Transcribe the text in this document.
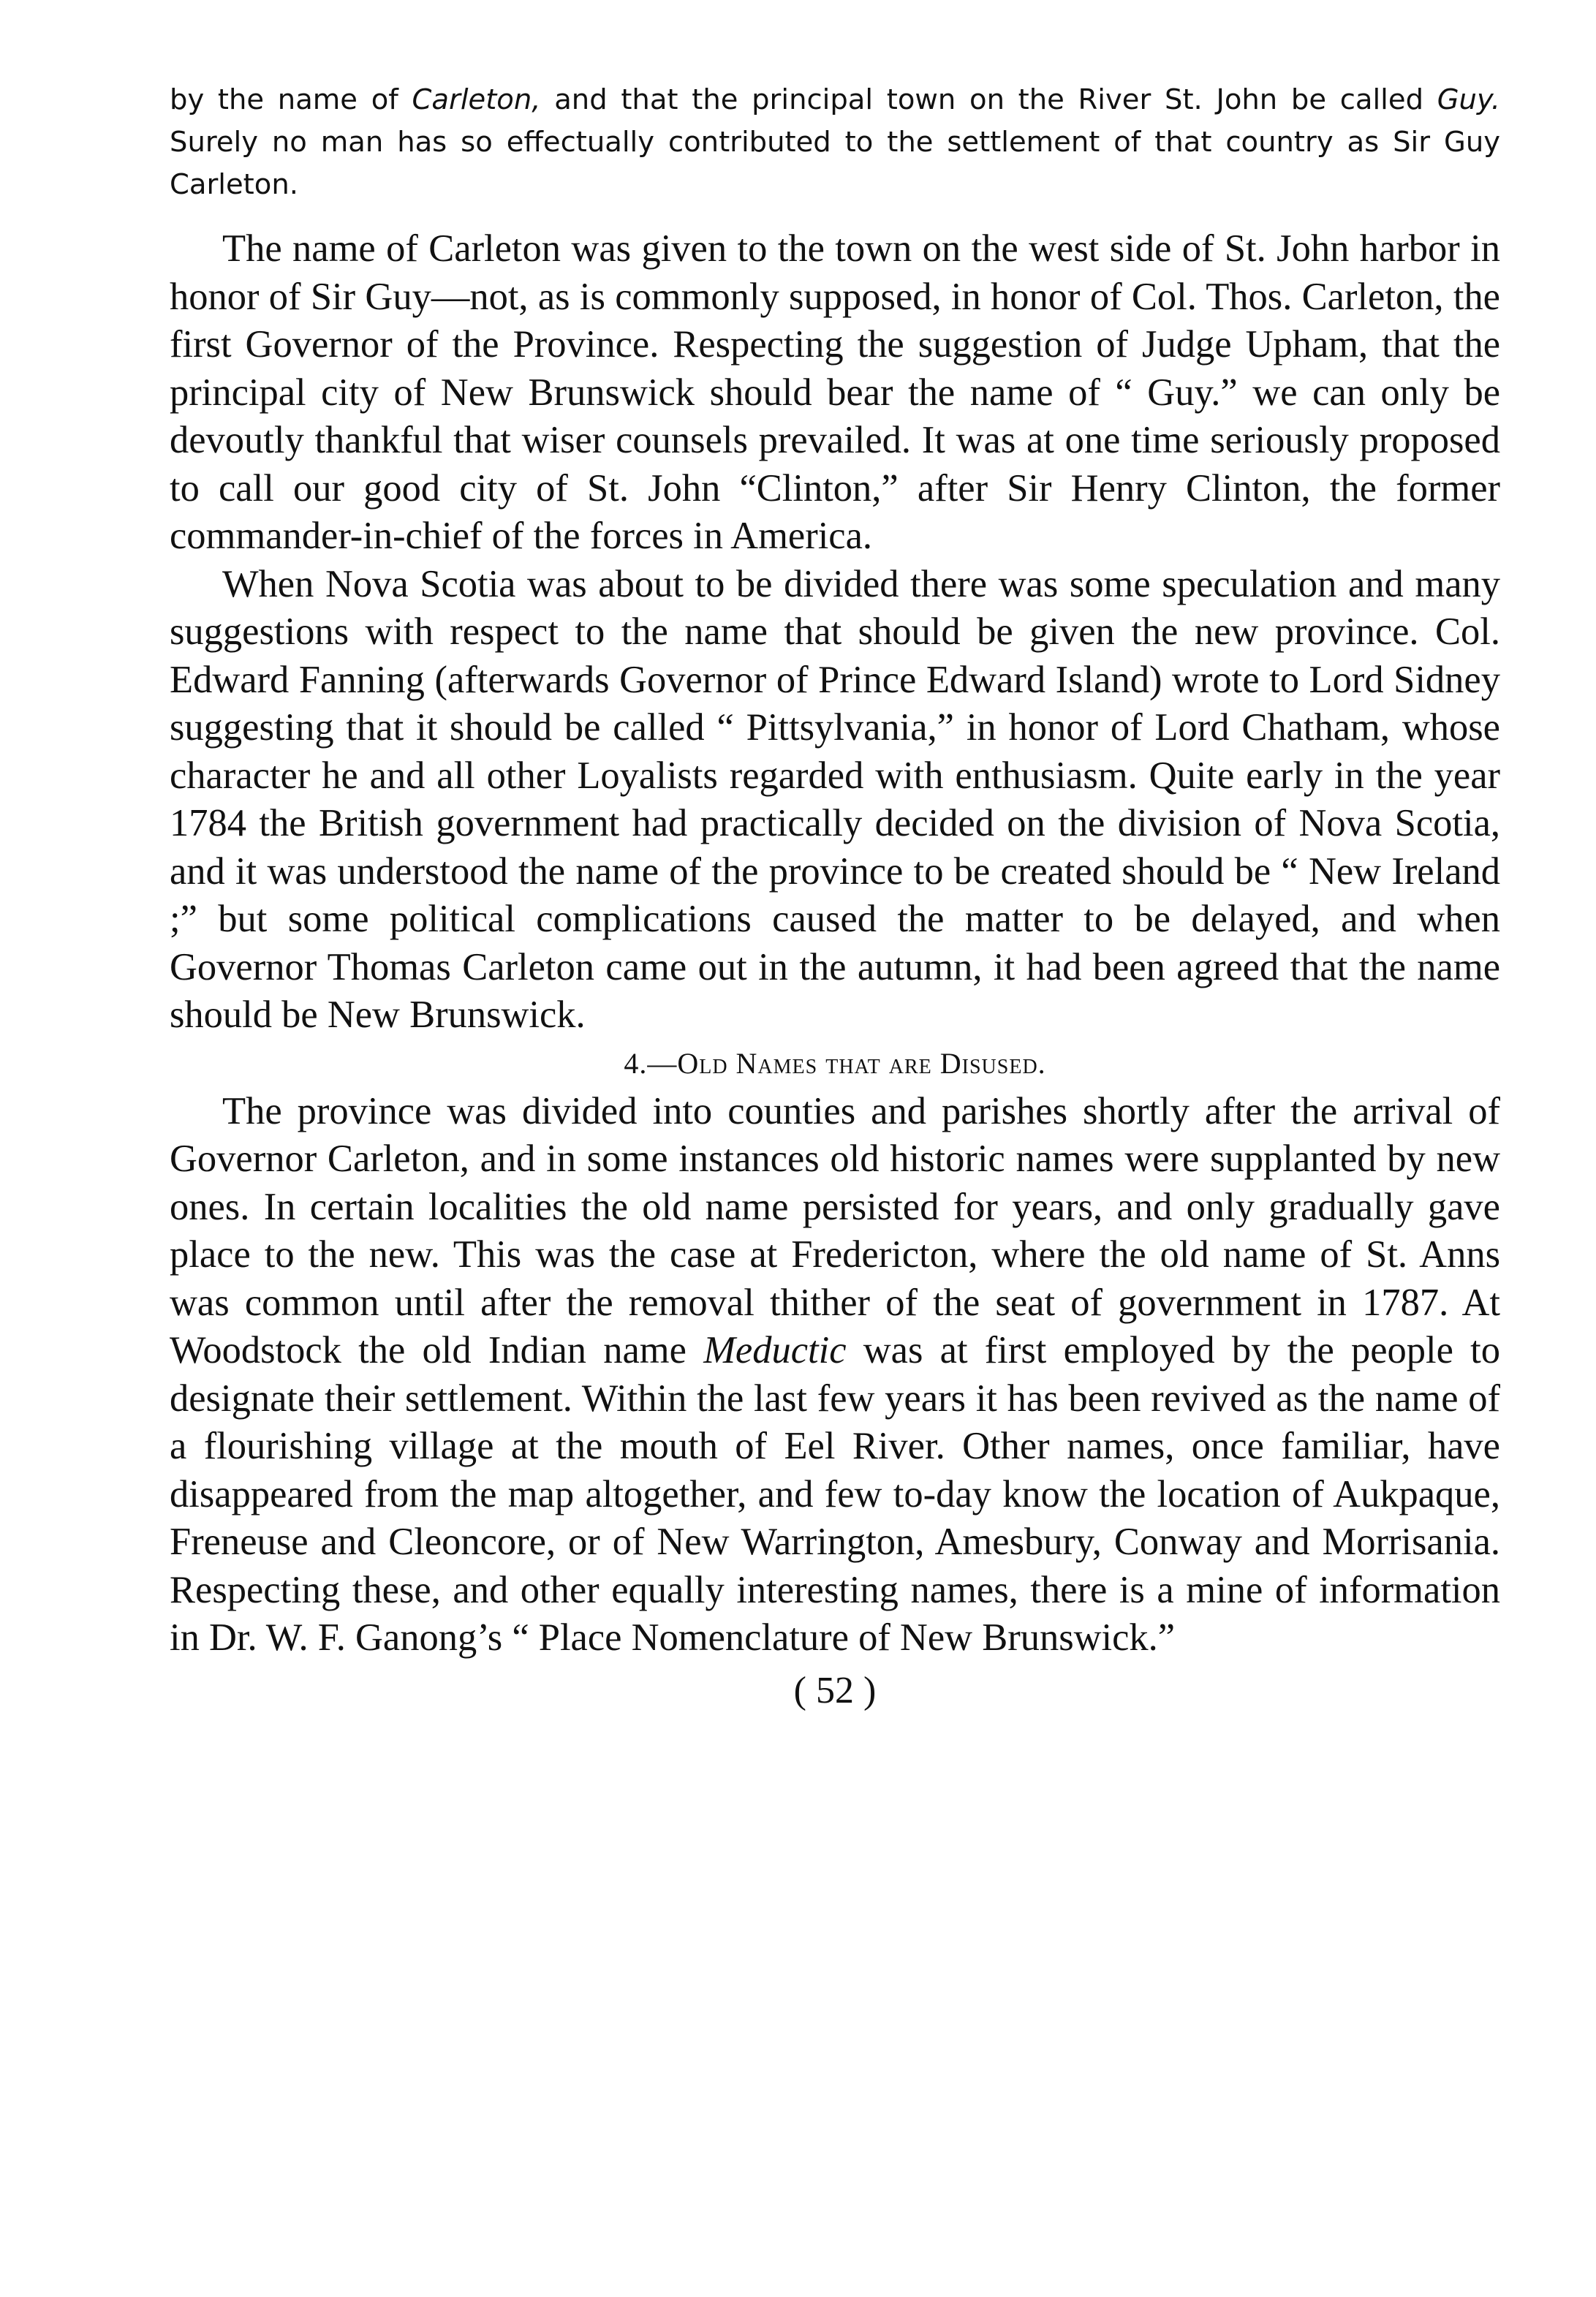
by the name of Carleton, and that the principal town on the River St. John be called Guy. Surely no man has so effectually contributed to the settlement of that country as Sir Guy Carleton.

The name of Carleton was given to the town on the west side of St. John harbor in honor of Sir Guy—not, as is commonly supposed, in honor of Col. Thos. Carleton, the first Governor of the Province. Respecting the suggestion of Judge Upham, that the principal city of New Brunswick should bear the name of “ Guy.” we can only be devoutly thankful that wiser counsels prevailed. It was at one time seriously proposed to call our good city of St. John “Clinton,” after Sir Henry Clinton, the former commander-in-chief of the forces in America.

When Nova Scotia was about to be divided there was some speculation and many suggestions with respect to the name that should be given the new province. Col. Edward Fanning (afterwards Governor of Prince Edward Island) wrote to Lord Sidney suggesting that it should be called “ Pittsylvania,” in honor of Lord Chatham, whose character he and all other Loyalists regarded with enthusiasm. Quite early in the year 1784 the British government had practically decided on the division of Nova Scotia, and it was understood the name of the province to be created should be “ New Ireland ;” but some political complications caused the matter to be delayed, and when Governor Thomas Carleton came out in the autumn, it had been agreed that the name should be New Brunswick.

4.—Old Names that are Disused.

The province was divided into counties and parishes shortly after the arrival of Governor Carleton, and in some instances old historic names were supplanted by new ones. In certain localities the old name persisted for years, and only gradually gave place to the new. This was the case at Fredericton, where the old name of St. Anns was common until after the removal thither of the seat of government in 1787. At Woodstock the old Indian name Meductic was at first employed by the people to designate their settlement. Within the last few years it has been revived as the name of a flourishing village at the mouth of Eel River. Other names, once familiar, have disappeared from the map altogether, and few to-day know the location of Aukpaque, Freneuse and Cleoncore, or of New Warrington, Amesbury, Conway and Morrisania. Respecting these, and other equally interesting names, there is a mine of information in Dr. W. F. Ganong’s “ Place Nomenclature of New Brunswick.”

( 52 )
